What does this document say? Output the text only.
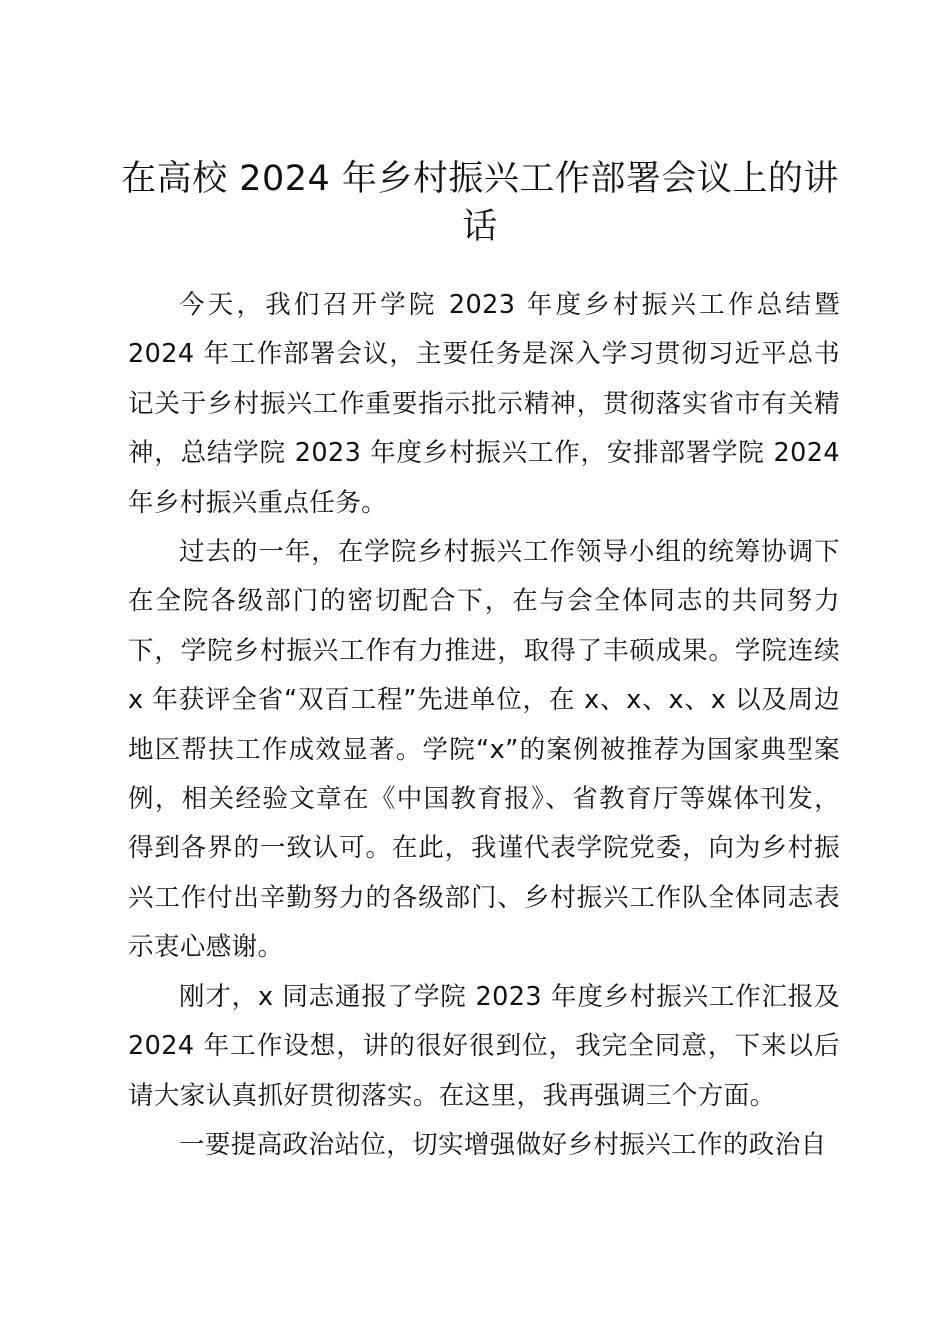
在高校 2024 年乡村振兴工作部署会议上的讲话

今天，我们召开学院 2023 年度乡村振兴工作总结暨 2024 年工作部署会议，主要任务是深入学习贯彻习近平总书记关于乡村振兴工作重要指示批示精神，贯彻落实省市有关精神，总结学院 2023 年度乡村振兴工作，安排部署学院 2024 年乡村振兴重点任务。

过去的一年，在学院乡村振兴工作领导小组的统筹协调下在全院各级部门的密切配合下，在与会全体同志的共同努力下，学院乡村振兴工作有力推进，取得了丰硕成果。学院连续 x 年获评全省“双百工程”先进单位，在 x、x、x、x 以及周边地区帮扶工作成效显著。学院“x”的案例被推荐为国家典型案例，相关经验文章在《中国教育报》、省教育厅等媒体刊发，得到各界的一致认可。在此，我谨代表学院党委，向为乡村振兴工作付出辛勤努力的各级部门、乡村振兴工作队全体同志表示衷心感谢。

刚才，x 同志通报了学院 2023 年度乡村振兴工作汇报及 2024 年工作设想，讲的很好很到位，我完全同意，下来以后请大家认真抓好贯彻落实。在这里，我再强调三个方面。

一要提高政治站位，切实增强做好乡村振兴工作的政治自
